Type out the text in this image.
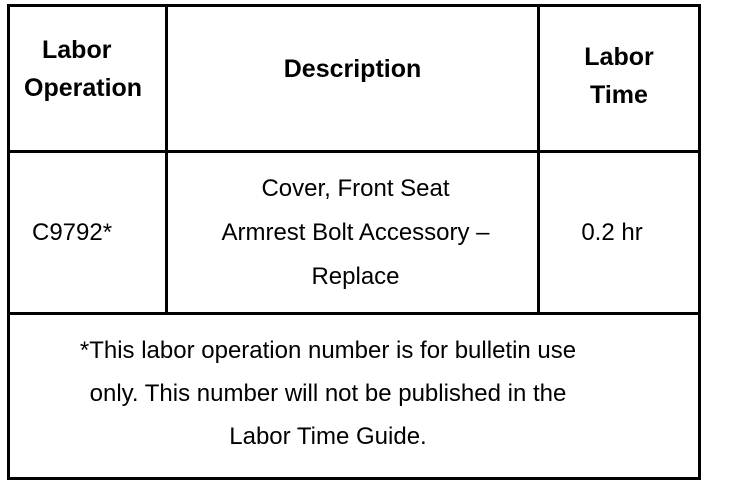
Labor
Operation
Description	Labor
Time
C9792*
Cover, Front Seat
Armrest Bolt Accessory –
Replace
0.2 hr
*This labor operation number is for bulletin use
only. This number will not be published in the
Labor Time Guide.
